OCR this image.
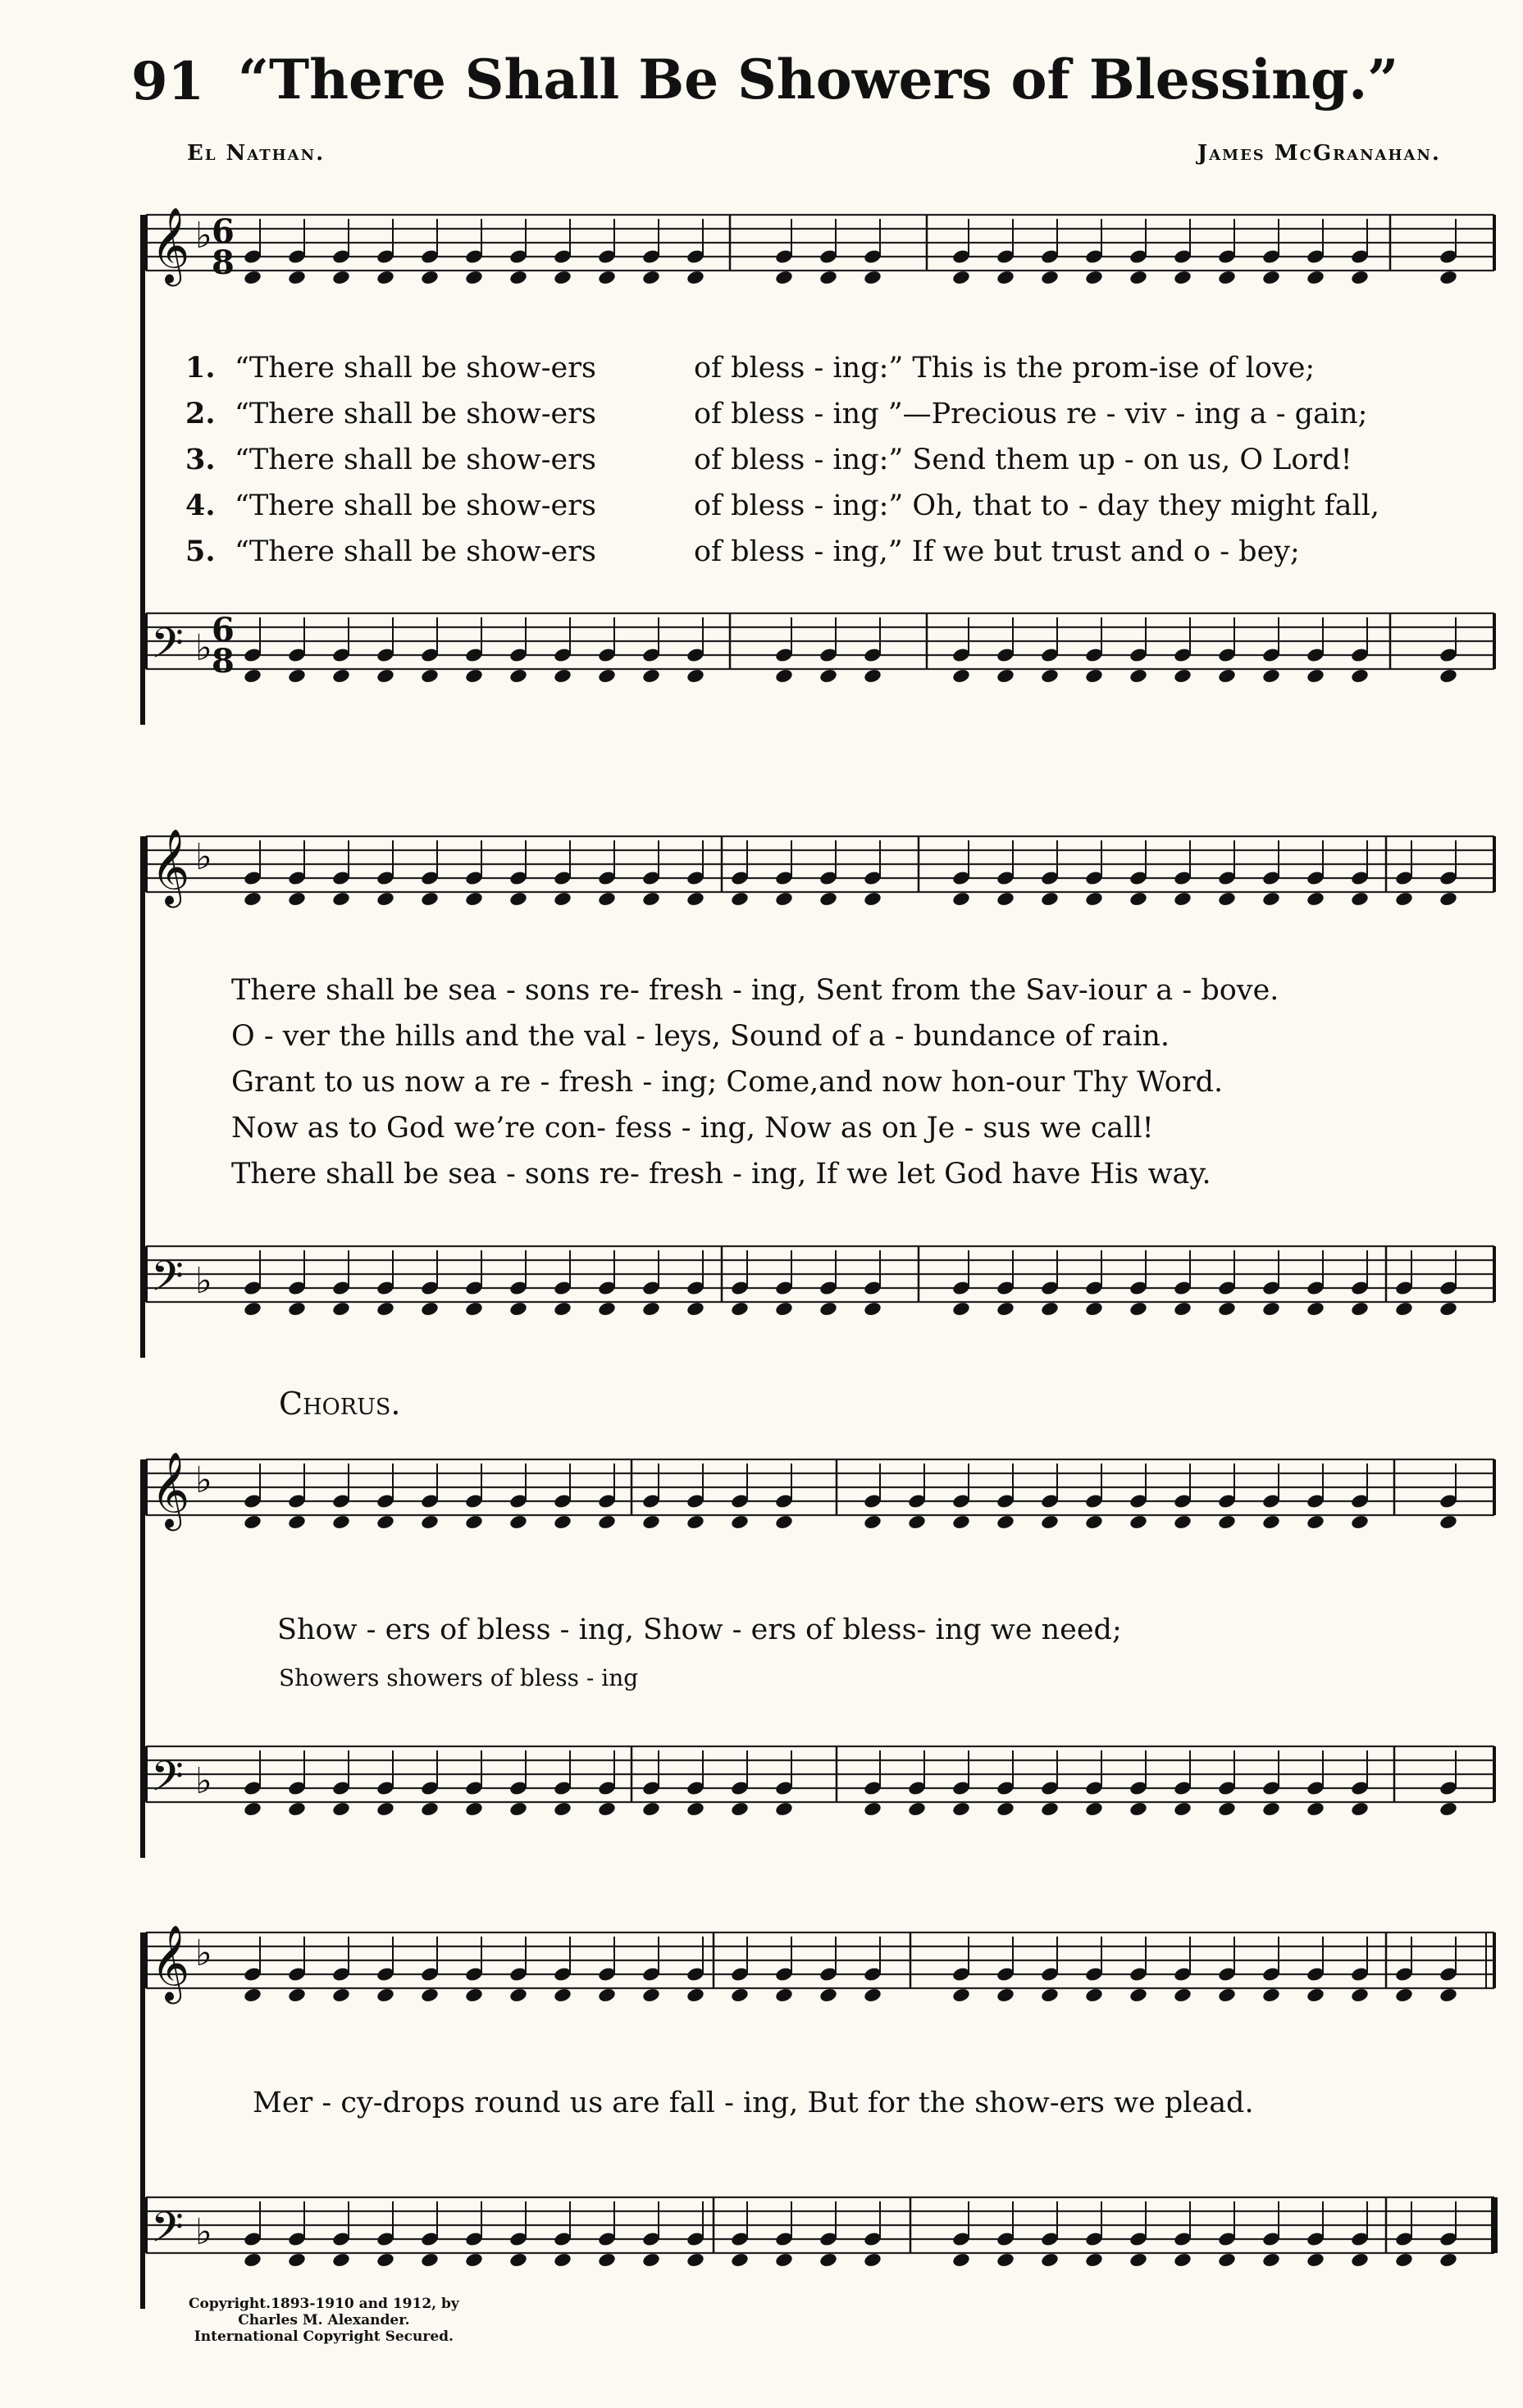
91 “There Shall Be Showers of Blessing.”
El Nathan.	James McGranahan.
𝄞 ♭
𝄢 ♭
𝄞 ♭
𝄢 ♭
𝄞 ♭
𝄢 ♭
𝄞 ♭
𝄢 ♭
6
8
6
8
1. “There shall be show-ers	of bless - ing:” This is the prom-ise of love;
2. “There shall be show-ers	of bless - ing ”—Precious re - viv - ing a - gain;
3. “There shall be show-ers	of bless - ing:” Send them up - on us, O Lord!
4. “There shall be show-ers	of bless - ing:” Oh, that to - day they might fall,
5. “There shall be show-ers	of bless - ing,” If we but trust and o - bey;
There shall be sea - sons re- fresh - ing, Sent from the Sav-iour a - bove.
O - ver the hills and the val - leys, Sound of a - bundance of rain.
Grant to us now a re - fresh - ing; Come,and now hon-our Thy Word.
Now as to God we’re con- fess - ing, Now as on Je - sus we call!
There shall be sea - sons re- fresh - ing, If we let God have His way.
Chorus.
Show - ers of bless - ing, Show - ers of bless- ing we need;
Showers showers of bless - ing
Mer - cy-drops round us are fall - ing, But for the show-ers we plead.
Copyright.1893-1910 and 1912, by
Charles M. Alexander.
International Copyright Secured.
